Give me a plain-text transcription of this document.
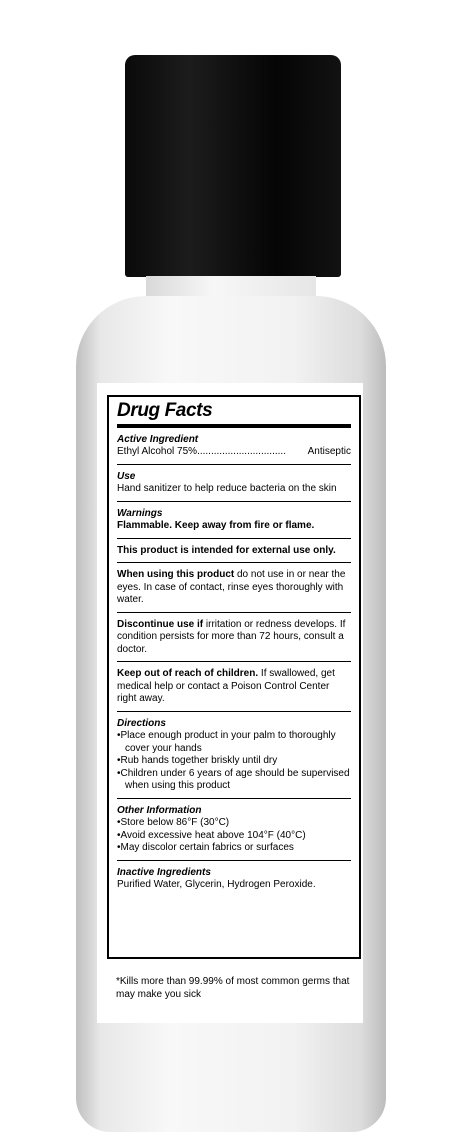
Drug Facts
Active Ingredient
Ethyl Alcohol 75% ................................	Antiseptic
Use
Hand sanitizer to help reduce bacteria on the skin
Warnings
Flammable. Keep away from fire or flame.
This product is intended for external use only.
When using this product do not use in or near the eyes. In case of contact, rinse eyes thoroughly with water.
Discontinue use if irritation or redness develops. If condition persists for more than 72 hours, consult a doctor.
Keep out of reach of children. If swallowed, get medical help or contact a Poison Control Center right away.
Directions
• Place enough product in your palm to thoroughly cover your hands
• Rub hands together briskly until dry
• Children under 6 years of age should be supervised when using this product
Other Information
• Store below 86°F (30°C)
• Avoid excessive heat above 104°F (40°C)
• May discolor certain fabrics or surfaces
Inactive Ingredients
Purified Water, Glycerin, Hydrogen Peroxide.
*Kills more than 99.99% of most common germs that may make you sick
